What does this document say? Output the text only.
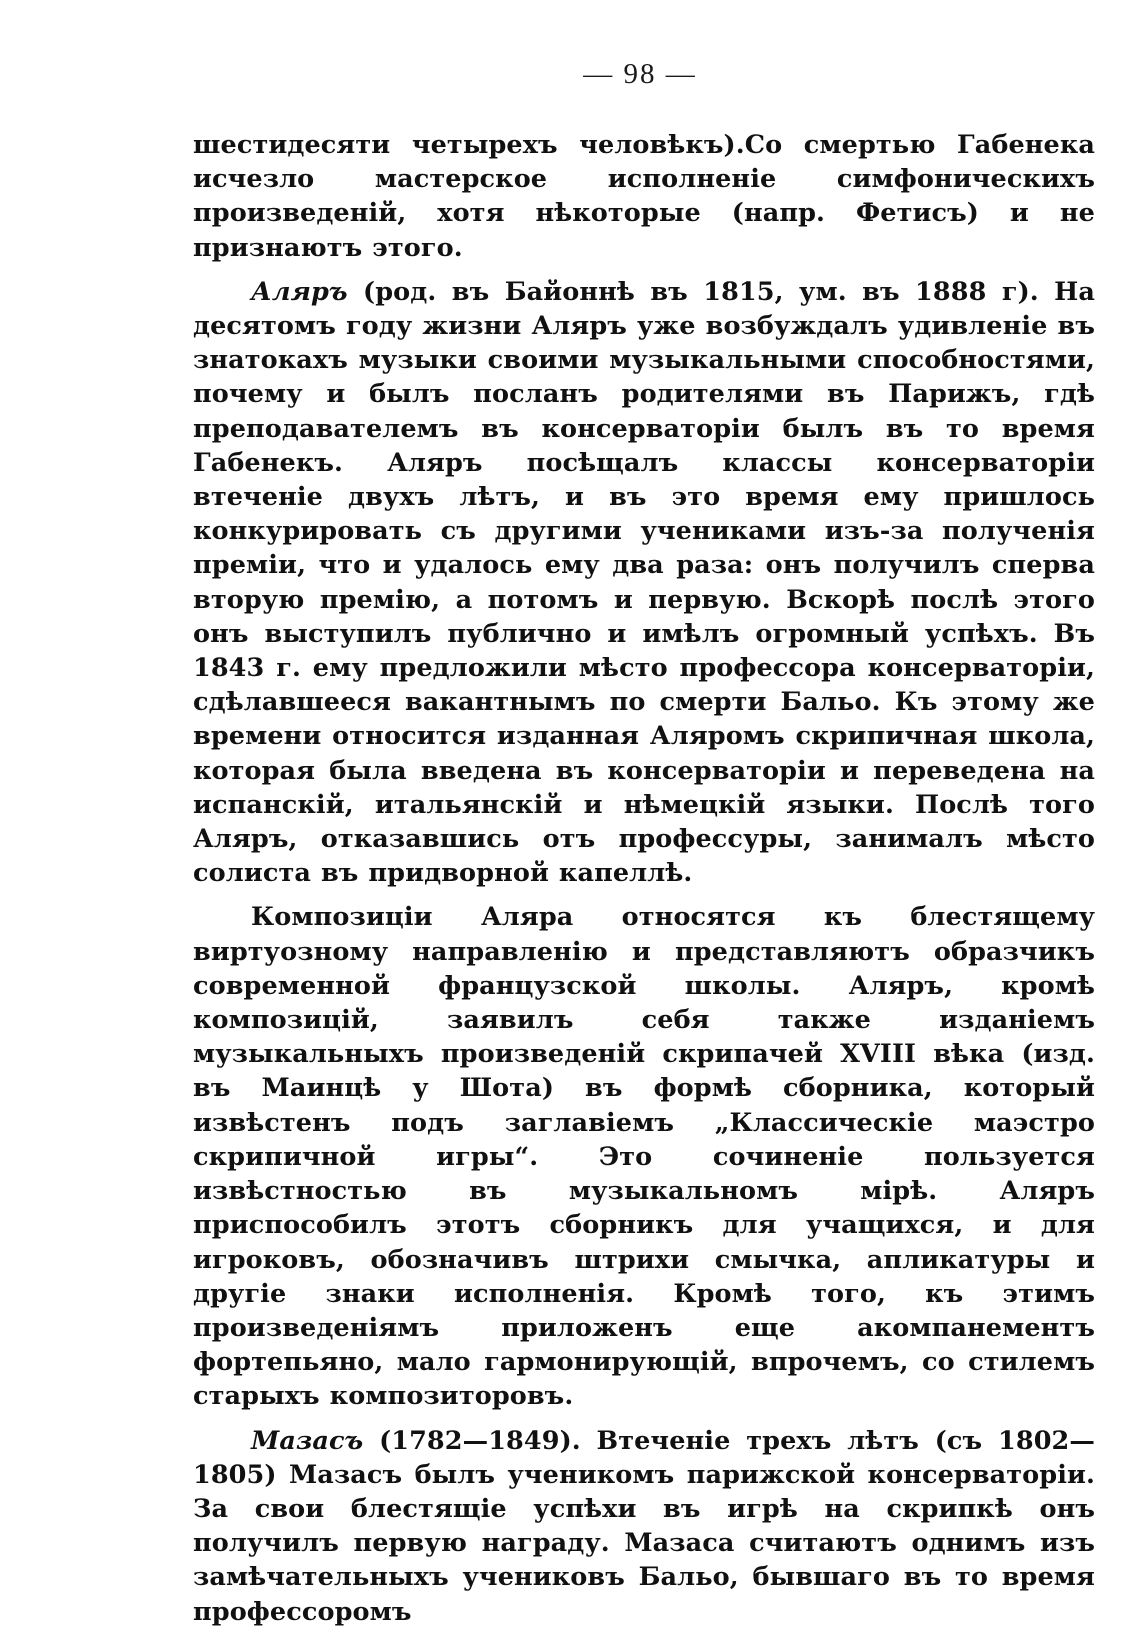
— 98 —

шестидесяти четырехъ человѣкъ).Со смертью Габенека исчезло мастерское исполненіе симфоническихъ произведеній, хотя нѣкоторые (напр. Фетисъ) и не признаютъ этого.

Аляръ (род. въ Байоннѣ въ 1815, ум. въ 1888 г). На десятомъ году жизни Аляръ уже возбуждалъ удивленіе въ знатокахъ музыки своими музыкальными способностями, почему и былъ посланъ родителями въ Парижъ, гдѣ преподавателемъ въ консерваторіи былъ въ то время Габенекъ. Аляръ посѣщалъ классы консерваторіи втеченіе двухъ лѣтъ, и въ это время ему пришлось конкурировать съ другими учениками изъ-за полученія преміи, что и удалось ему два раза: онъ получилъ сперва вторую премію, а потомъ и первую. Вскорѣ послѣ этого онъ выступилъ публично и имѣлъ огромный успѣхъ. Въ 1843 г. ему предложили мѣсто профессора консерваторіи, сдѣлавшееся вакантнымъ по смерти Бальо. Къ этому же времени относится изданная Аляромъ скрипичная школа, которая была введена въ консерваторіи и переведена на испанскій, итальянскій и нѣмецкій языки. Послѣ того Аляръ, отказавшись отъ профессуры, занималъ мѣсто солиста въ придворной капеллѣ.

Композиціи Аляра относятся къ блестящему виртуозному направленію и представляютъ образчикъ современной французской школы. Аляръ, кромѣ композицій, заявилъ себя также изданіемъ музыкальныхъ произведеній скрипачей XVIII вѣка (изд. въ Маинцѣ у Шота) въ формѣ сборника, который извѣстенъ подъ заглавіемъ „Классическіе маэстро скрипичной игры“. Это сочиненіе пользуется извѣстностью въ музыкальномъ мірѣ. Аляръ приспособилъ этотъ сборникъ для учащихся, и для игроковъ, обозначивъ штрихи смычка, апликатуры и другіе знаки исполненія. Кромѣ того, къ этимъ произведеніямъ приложенъ еще акомпанементъ фортепьяно, мало гармонирующій, впрочемъ, со стилемъ старыхъ композиторовъ.

Мазасъ (1782—1849). Втеченіе трехъ лѣтъ (съ 1802—1805) Мазасъ былъ ученикомъ парижской консерваторіи. За свои блестящіе успѣхи въ игрѣ на скрипкѣ онъ получилъ первую награду. Мазаса считаютъ однимъ изъ замѣчательныхъ учениковъ Бальо, бывшаго въ то время профессоромъ
